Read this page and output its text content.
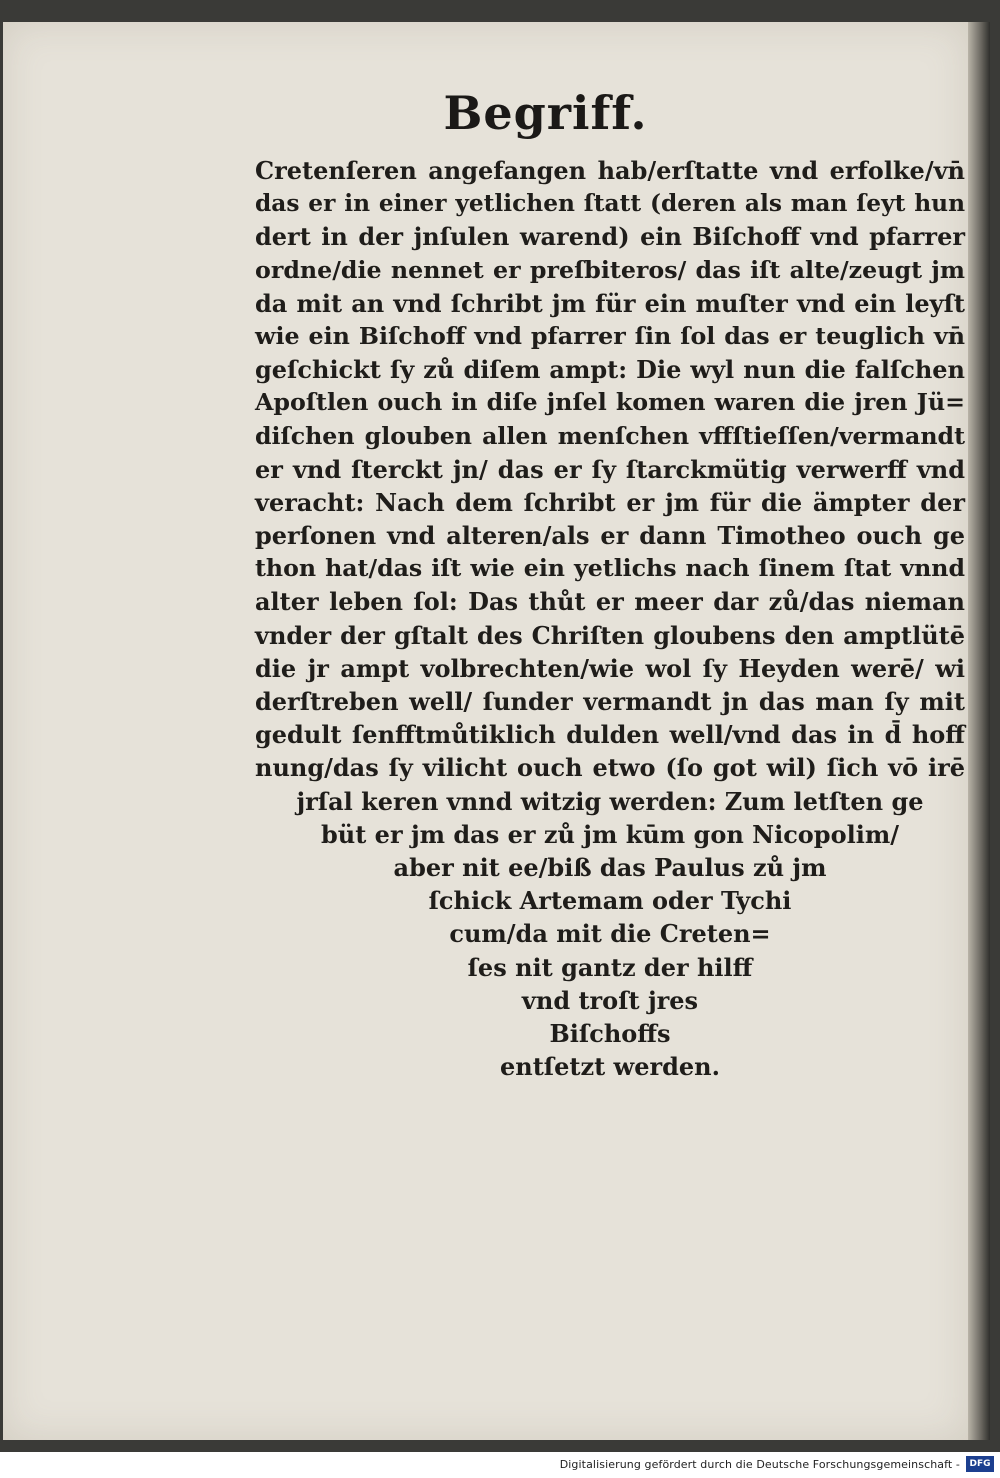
Begriff.
Cretenſeren angefangen hab/erſtatte vnd erfolke/vn̄
das er in einer yetlichen ſtatt (deren als man ſeyt hun
dert in der jnſulen warend) ein Biſchoff vnd pfarrer
ordne/die nennet er preſbiteros/ das iſt alte/zeugt jm
da mit an vnd ſchribt jm für ein muſter vnd ein leyſt
wie ein Biſchoff vnd pfarrer ſin ſol das er teuglich vn̄
geſchickt ſy zů diſem ampt: Die wyl nun die falſchen
Apoſtlen ouch in diſe jnſel komen waren die jren Jü=
diſchen glouben allen menſchen vffſtieſſen/vermandt
er vnd ſterckt jn/ das er ſy ſtarckmütig verwerff vnd
veracht: Nach dem ſchribt er jm für die ämpter der
perſonen vnd alteren/als er dann Timotheo ouch ge
thon hat/das iſt wie ein yetlichs nach ſinem ſtat vnnd
alter leben ſol: Das thůt er meer dar zů/das nieman
vnder der gſtalt des Chriſten gloubens den amptlütē
die jr ampt volbrechten/wie wol ſy Heyden werē/ wi
derſtreben well/ ſunder vermandt jn das man ſy mit
gedult ſenfftmůtiklich dulden well/vnd das in d̄ hoff
nung/das ſy vilicht ouch etwo (ſo got wil) ſich vō irē
jrſal keren vnnd witzig werden: Zum letſten ge
büt er jm das er zů jm kūm gon Nicopolim/
aber nit ee/biß das Paulus zů jm
ſchick Artemam oder Tychi
cum/da mit die Creten=
ſes nit gantz der hilff
vnd troſt jres
Biſchoffs
entſetzt werden.
Digitalisierung gefördert durch die Deutsche Forschungsgemeinschaft -	DFG
